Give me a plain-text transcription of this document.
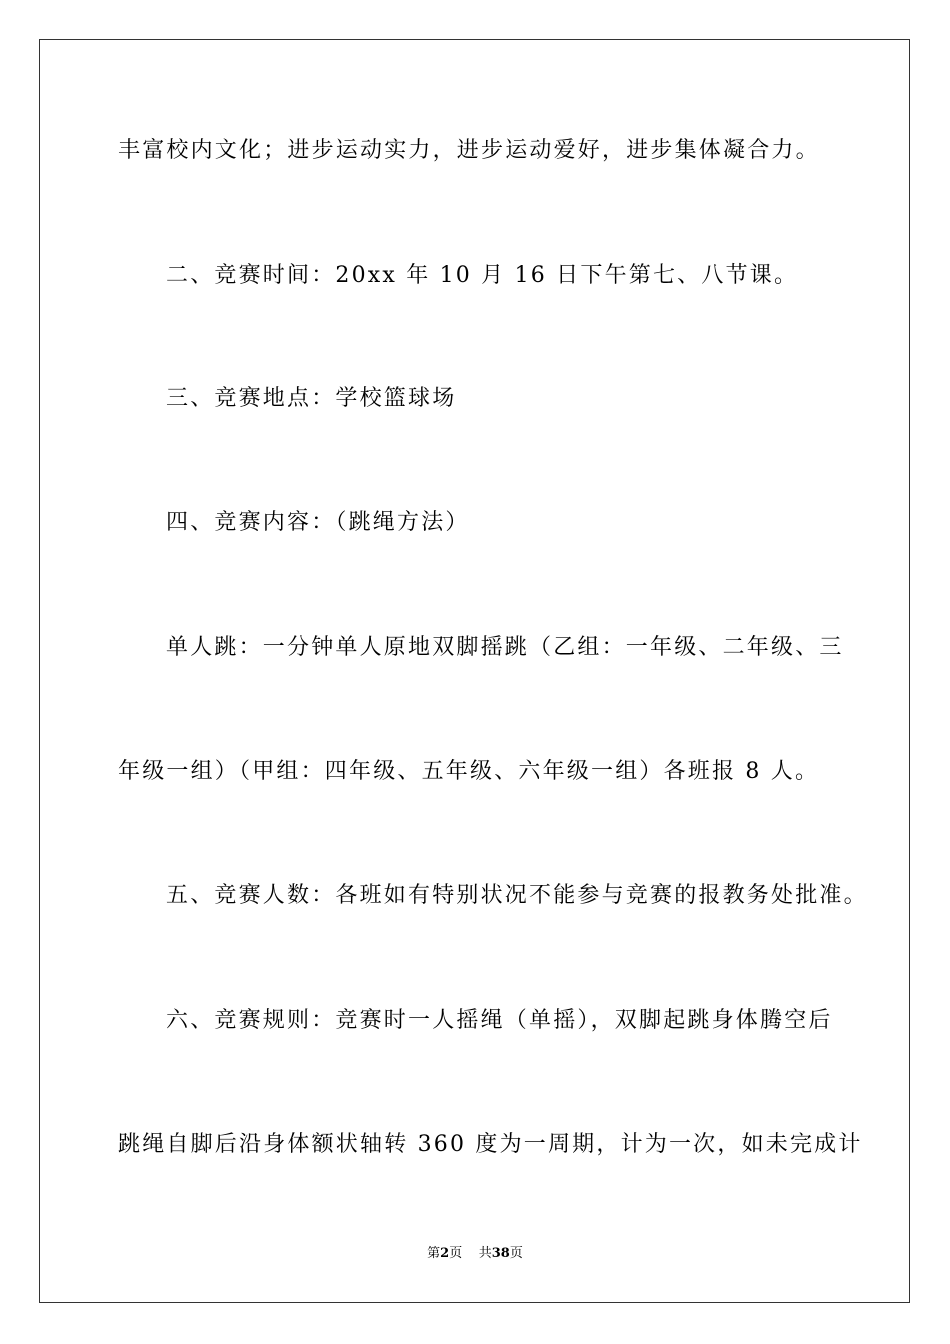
丰富校内文化；进步运动实力，进步运动爱好，进步集体凝合力。
二、竞赛时间：20xx 年 10 月 16 日下午第七、八节课。
三、竞赛地点：学校篮球场
四、竞赛内容：（跳绳方法）
单人跳：一分钟单人原地双脚摇跳（乙组：一年级、二年级、三
年级一组）（甲组：四年级、五年级、六年级一组）各班报 8 人。
五、竞赛人数：各班如有特别状况不能参与竞赛的报教务处批准。
六、竞赛规则：竞赛时一人摇绳（单摇），双脚起跳身体腾空后
跳绳自脚后沿身体额状轴转 360 度为一周期，计为一次，如未完成计
第2页 共38页
